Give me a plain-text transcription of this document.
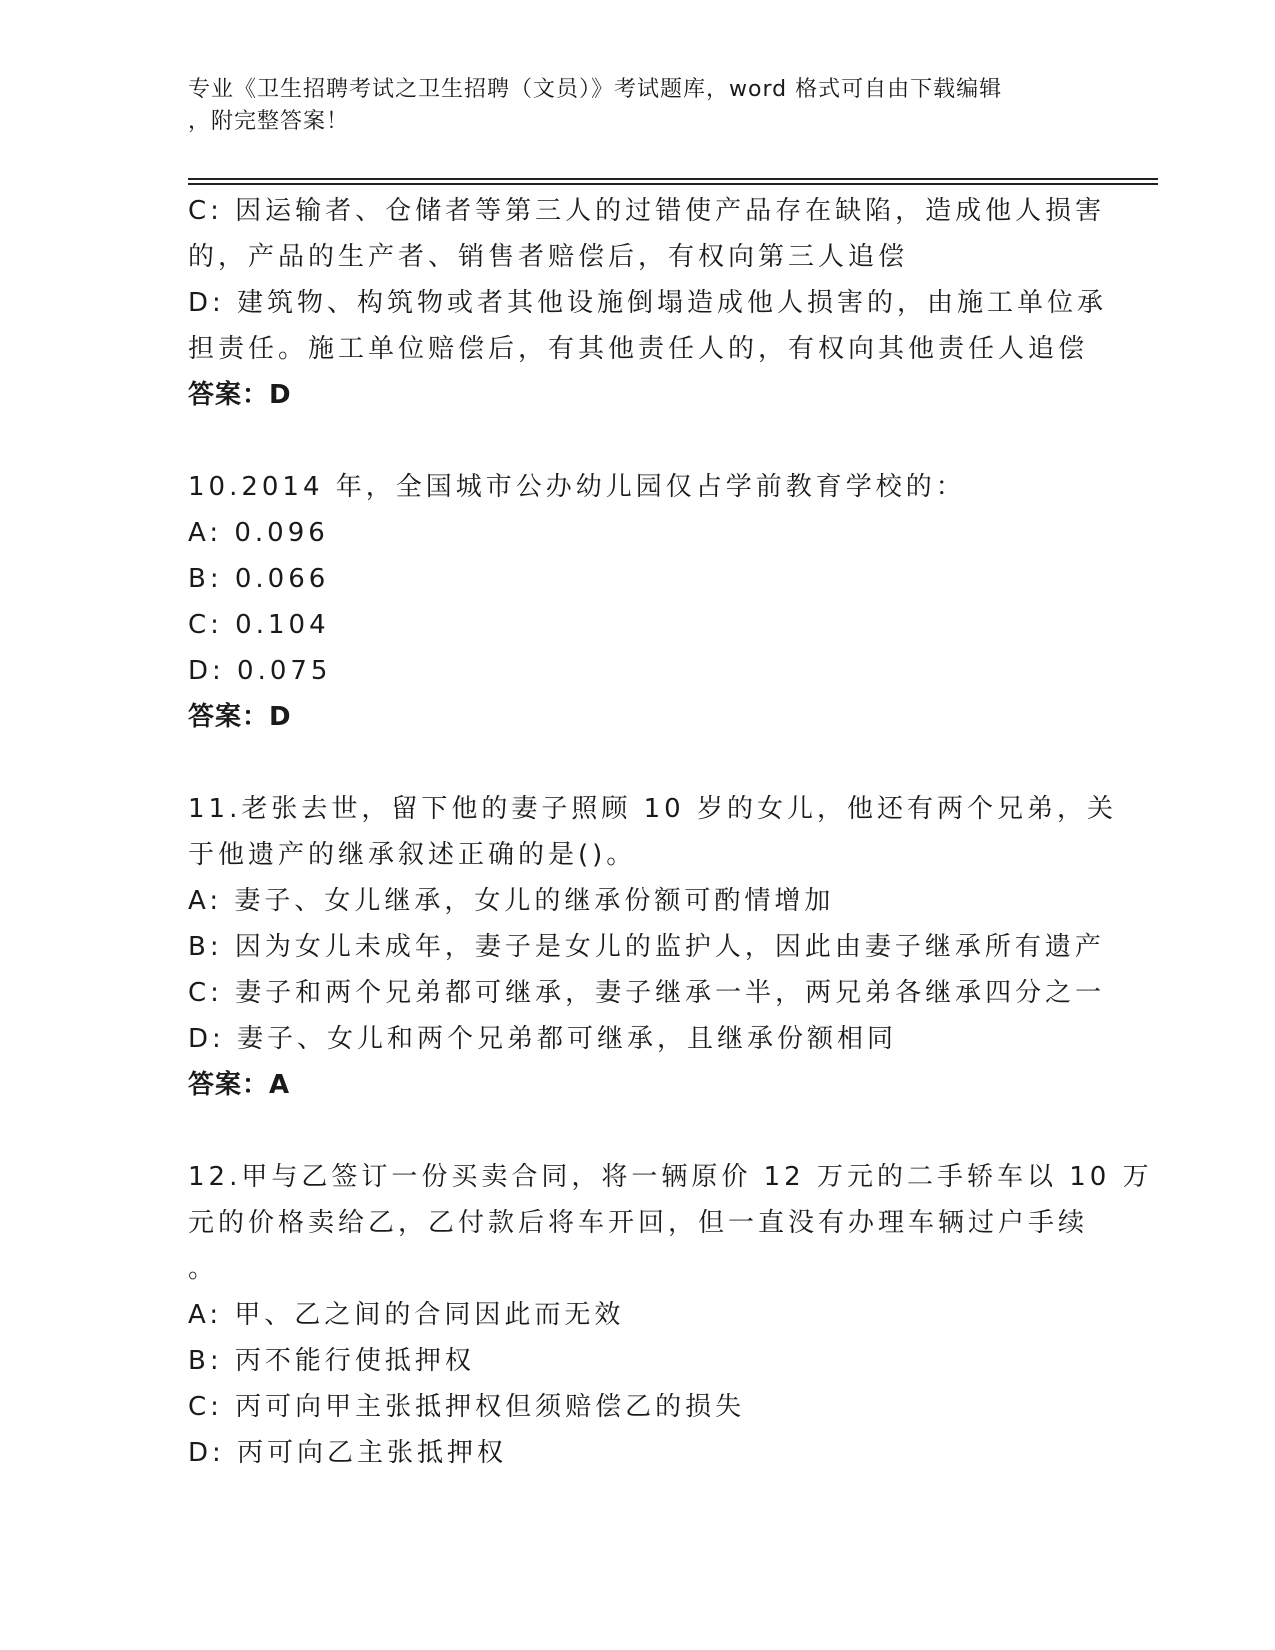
专业《卫生招聘考试之卫生招聘（文员）》考试题库，word 格式可自由下载编辑
，附完整答案！
C: 因运输者、仓储者等第三人的过错使产品存在缺陷，造成他人损害
的，产品的生产者、销售者赔偿后，有权向第三人追偿
D: 建筑物、构筑物或者其他设施倒塌造成他人损害的，由施工单位承
担责任。施工单位赔偿后，有其他责任人的，有权向其他责任人追偿
答案：D
10.2014 年，全国城市公办幼儿园仅占学前教育学校的：
A: 0.096
B: 0.066
C: 0.104
D: 0.075
答案：D
11.老张去世，留下他的妻子照顾 10 岁的女儿，他还有两个兄弟，关
于他遗产的继承叙述正确的是()。
A: 妻子、女儿继承，女儿的继承份额可酌情增加
B: 因为女儿未成年，妻子是女儿的监护人，因此由妻子继承所有遗产
C: 妻子和两个兄弟都可继承，妻子继承一半，两兄弟各继承四分之一
D: 妻子、女儿和两个兄弟都可继承，且继承份额相同
答案：A
12.甲与乙签订一份买卖合同，将一辆原价 12 万元的二手轿车以 10 万
元的价格卖给乙，乙付款后将车开回，但一直没有办理车辆过户手续
。
A: 甲、乙之间的合同因此而无效
B: 丙不能行使抵押权
C: 丙可向甲主张抵押权但须赔偿乙的损失
D: 丙可向乙主张抵押权
